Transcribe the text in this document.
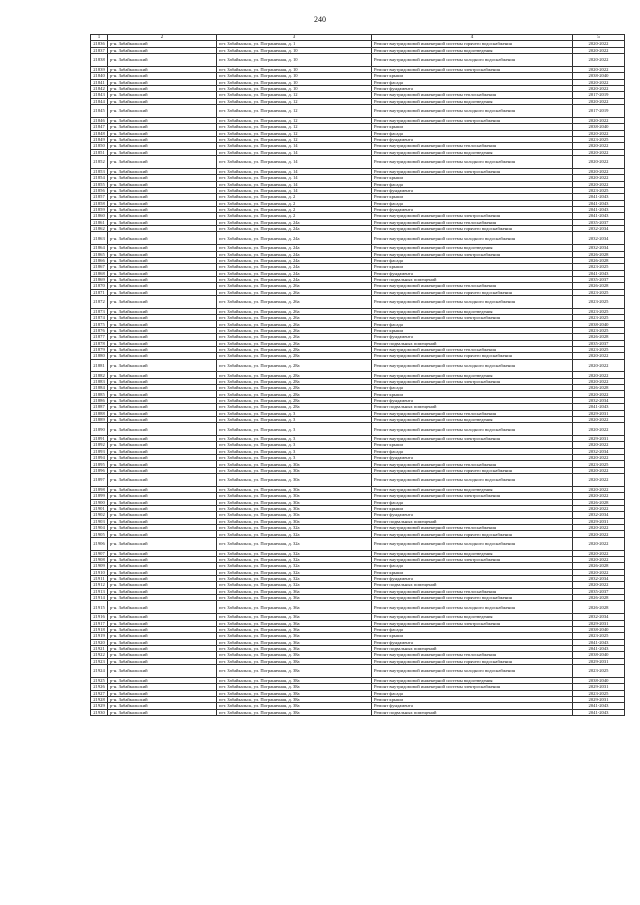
240
1	2	3	4	5
21836	р-н. Забайкальский	пгт. Забайкальск, ул. Пограничная, д. 1	Ремонт внутридомовой инженерной системы горячего водоснабжения	2020-2022
21837	р-н. Забайкальский	пгт. Забайкальск, ул. Пограничная, д. 10	Ремонт внутридомовой инженерной системы водоотведения	2020-2022
21838	р-н. Забайкальский	пгт. Забайкальск, ул. Пограничная, д. 10	Ремонт внутридомовой инженерной системы холодного водоснабжения	2020-2022
21839	р-н. Забайкальский	пгт. Забайкальск, ул. Пограничная, д. 10	Ремонт внутридомовой инженерной системы электроснабжения	2020-2022
21840	р-н. Забайкальский	пгт. Забайкальск, ул. Пограничная, д. 10	Ремонт крыши	2038-2040
21841	р-н. Забайкальский	пгт. Забайкальск, ул. Пограничная, д. 10	Ремонт фасада	2020-2022
21842	р-н. Забайкальский	пгт. Забайкальск, ул. Пограничная, д. 10	Ремонт фундамента	2020-2022
21843	р-н. Забайкальский	пгт. Забайкальск, ул. Пограничная, д. 12	Ремонт внутридомовой инженерной системы теплоснабжения	2017-2019
21844	р-н. Забайкальский	пгт. Забайкальск, ул. Пограничная, д. 12	Ремонт внутридомовой инженерной системы водоотведения	2020-2022
21845	р-н. Забайкальский	пгт. Забайкальск, ул. Пограничная, д. 12	Ремонт внутридомовой инженерной системы холодного водоснабжения	2017-2019
21846	р-н. Забайкальский	пгт. Забайкальск, ул. Пограничная, д. 12	Ремонт внутридомовой инженерной системы электроснабжения	2020-2022
21847	р-н. Забайкальский	пгт. Забайкальск, ул. Пограничная, д. 12	Ремонт крыши	2038-2040
21848	р-н. Забайкальский	пгт. Забайкальск, ул. Пограничная, д. 12	Ремонт фасада	2020-2022
21849	р-н. Забайкальский	пгт. Забайкальск, ул. Пограничная, д. 12	Ремонт фундамента	2023-2025
21850	р-н. Забайкальский	пгт. Забайкальск, ул. Пограничная, д. 14	Ремонт внутридомовой инженерной системы теплоснабжения	2020-2022
21851	р-н. Забайкальский	пгт. Забайкальск, ул. Пограничная, д. 14	Ремонт внутридомовой инженерной системы водоотведения	2020-2022
21852	р-н. Забайкальский	пгт. Забайкальск, ул. Пограничная, д. 14	Ремонт внутридомовой инженерной системы холодного водоснабжения	2020-2022
21853	р-н. Забайкальский	пгт. Забайкальск, ул. Пограничная, д. 14	Ремонт внутридомовой инженерной системы электроснабжения	2020-2022
21854	р-н. Забайкальский	пгт. Забайкальск, ул. Пограничная, д. 14	Ремонт крыши	2020-2022
21855	р-н. Забайкальский	пгт. Забайкальск, ул. Пограничная, д. 14	Ремонт фасада	2020-2022
21856	р-н. Забайкальский	пгт. Забайкальск, ул. Пограничная, д. 14	Ремонт фундамента	2023-2025
21857	р-н. Забайкальский	пгт. Забайкальск, ул. Пограничная, д. 2	Ремонт крыши	2041-2043
21858	р-н. Забайкальский	пгт. Забайкальск, ул. Пограничная, д. 2	Ремонт фасада	2041-2043
21859	р-н. Забайкальский	пгт. Забайкальск, ул. Пограничная, д. 2	Ремонт фундамента	2041-2043
21860	р-н. Забайкальский	пгт. Забайкальск, ул. Пограничная, д. 2	Ремонт внутридомовой инженерной системы электроснабжения	2041-2043
21861	р-н. Забайкальский	пгт. Забайкальск, ул. Пограничная, д. 24а	Ремонт внутридомовой инженерной системы теплоснабжения	2035-2037
21862	р-н. Забайкальский	пгт. Забайкальск, ул. Пограничная, д. 24а	Ремонт внутридомовой инженерной системы горячего водоснабжения	2032-2034
21863	р-н. Забайкальский	пгт. Забайкальск, ул. Пограничная, д. 24а	Ремонт внутридомовой инженерной системы холодного водоснабжения	2032-2034
21864	р-н. Забайкальский	пгт. Забайкальск, ул. Пограничная, д. 24а	Ремонт внутридомовой инженерной системы водоотведения	2032-2034
21865	р-н. Забайкальский	пгт. Забайкальск, ул. Пограничная, д. 24а	Ремонт внутридомовой инженерной системы электроснабжения	2026-2028
21866	р-н. Забайкальский	пгт. Забайкальск, ул. Пограничная, д. 24а	Ремонт фасада	2026-2028
21867	р-н. Забайкальский	пгт. Забайкальск, ул. Пограничная, д. 24а	Ремонт крыши	2023-2025
21868	р-н. Забайкальский	пгт. Забайкальск, ул. Пограничная, д. 24а	Ремонт фундамента	2041-2043
21869	р-н. Забайкальский	пгт. Забайкальск, ул. Пограничная, д. 24а	Ремонт подвальных помещений	2035-2037
21870	р-н. Забайкальский	пгт. Забайкальск, ул. Пограничная, д. 26а	Ремонт внутридомовой инженерной системы теплоснабжения	2026-2028
21871	р-н. Забайкальский	пгт. Забайкальск, ул. Пограничная, д. 26а	Ремонт внутридомовой инженерной системы горячего водоснабжения	2023-2025
21872	р-н. Забайкальский	пгт. Забайкальск, ул. Пограничная, д. 26а	Ремонт внутридомовой инженерной системы холодного водоснабжения	2023-2025
21873	р-н. Забайкальский	пгт. Забайкальск, ул. Пограничная, д. 26а	Ремонт внутридомовой инженерной системы водоотведения	2023-2025
21874	р-н. Забайкальский	пгт. Забайкальск, ул. Пограничная, д. 26а	Ремонт внутридомовой инженерной системы электроснабжения	2023-2025
21875	р-н. Забайкальский	пгт. Забайкальск, ул. Пограничная, д. 26а	Ремонт фасада	2038-2040
21876	р-н. Забайкальский	пгт. Забайкальск, ул. Пограничная, д. 26а	Ремонт крыши	2023-2025
21877	р-н. Забайкальский	пгт. Забайкальск, ул. Пограничная, д. 26а	Ремонт фундамента	2026-2028
21878	р-н. Забайкальский	пгт. Забайкальск, ул. Пограничная, д. 26а	Ремонт подвальных помещений	2035-2037
21879	р-н. Забайкальский	пгт. Забайкальск, ул. Пограничная, д. 28а	Ремонт внутридомовой инженерной системы теплоснабжения	2023-2025
21880	р-н. Забайкальский	пгт. Забайкальск, ул. Пограничная, д. 28а	Ремонт внутридомовой инженерной системы горячего водоснабжения	2020-2022
21881	р-н. Забайкальский	пгт. Забайкальск, ул. Пограничная, д. 28а	Ремонт внутридомовой инженерной системы холодного водоснабжения	2020-2022
21882	р-н. Забайкальский	пгт. Забайкальск, ул. Пограничная, д. 28а	Ремонт внутридомовой инженерной системы водоотведения	2020-2022
21883	р-н. Забайкальский	пгт. Забайкальск, ул. Пограничная, д. 28а	Ремонт внутридомовой инженерной системы электроснабжения	2020-2022
21884	р-н. Забайкальский	пгт. Забайкальск, ул. Пограничная, д. 28а	Ремонт фасада	2026-2028
21885	р-н. Забайкальский	пгт. Забайкальск, ул. Пограничная, д. 28а	Ремонт крыши	2020-2022
21886	р-н. Забайкальский	пгт. Забайкальск, ул. Пограничная, д. 28а	Ремонт фундамента	2032-2034
21887	р-н. Забайкальский	пгт. Забайкальск, ул. Пограничная, д. 28а	Ремонт подвальных помещений	2041-2043
21888	р-н. Забайкальский	пгт. Забайкальск, ул. Пограничная, д. 3	Ремонт внутридомовой инженерной системы теплоснабжения	2029-2031
21889	р-н. Забайкальский	пгт. Забайкальск, ул. Пограничная, д. 3	Ремонт внутридомовой инженерной системы водоотведения	2020-2022
21890	р-н. Забайкальский	пгт. Забайкальск, ул. Пограничная, д. 3	Ремонт внутридомовой инженерной системы холодного водоснабжения	2020-2022
21891	р-н. Забайкальский	пгт. Забайкальск, ул. Пограничная, д. 3	Ремонт внутридомовой инженерной системы электроснабжения	2029-2031
21892	р-н. Забайкальский	пгт. Забайкальск, ул. Пограничная, д. 3	Ремонт крыши	2020-2022
21893	р-н. Забайкальский	пгт. Забайкальск, ул. Пограничная, д. 3	Ремонт фасада	2032-2034
21894	р-н. Забайкальский	пгт. Забайкальск, ул. Пограничная, д. 3	Ремонт фундамента	2020-2022
21895	р-н. Забайкальский	пгт. Забайкальск, ул. Пограничная, д. 30а	Ремонт внутридомовой инженерной системы теплоснабжения	2023-2025
21896	р-н. Забайкальский	пгт. Забайкальск, ул. Пограничная, д. 30а	Ремонт внутридомовой инженерной системы горячего водоснабжения	2020-2022
21897	р-н. Забайкальский	пгт. Забайкальск, ул. Пограничная, д. 30а	Ремонт внутридомовой инженерной системы холодного водоснабжения	2020-2022
21898	р-н. Забайкальский	пгт. Забайкальск, ул. Пограничная, д. 30а	Ремонт внутридомовой инженерной системы водоотведения	2020-2022
21899	р-н. Забайкальский	пгт. Забайкальск, ул. Пограничная, д. 30а	Ремонт внутридомовой инженерной системы электроснабжения	2020-2022
21900	р-н. Забайкальский	пгт. Забайкальск, ул. Пограничная, д. 30а	Ремонт фасада	2026-2028
21901	р-н. Забайкальский	пгт. Забайкальск, ул. Пограничная, д. 30а	Ремонт крыши	2020-2022
21902	р-н. Забайкальский	пгт. Забайкальск, ул. Пограничная, д. 30а	Ремонт фундамента	2032-2034
21903	р-н. Забайкальский	пгт. Забайкальск, ул. Пограничная, д. 30а	Ремонт подвальных помещений	2029-2031
21904	р-н. Забайкальский	пгт. Забайкальск, ул. Пограничная, д. 32а	Ремонт внутридомовой инженерной системы теплоснабжения	2020-2022
21905	р-н. Забайкальский	пгт. Забайкальск, ул. Пограничная, д. 32а	Ремонт внутридомовой инженерной системы горячего водоснабжения	2020-2022
21906	р-н. Забайкальский	пгт. Забайкальск, ул. Пограничная, д. 32а	Ремонт внутридомовой инженерной системы холодного водоснабжения	2020-2022
21907	р-н. Забайкальский	пгт. Забайкальск, ул. Пограничная, д. 32а	Ремонт внутридомовой инженерной системы водоотведения	2020-2022
21908	р-н. Забайкальский	пгт. Забайкальск, ул. Пограничная, д. 32а	Ремонт внутридомовой инженерной системы электроснабжения	2020-2022
21909	р-н. Забайкальский	пгт. Забайкальск, ул. Пограничная, д. 32а	Ремонт фасада	2026-2028
21910	р-н. Забайкальский	пгт. Забайкальск, ул. Пограничная, д. 32а	Ремонт крыши	2020-2022
21911	р-н. Забайкальский	пгт. Забайкальск, ул. Пограничная, д. 32а	Ремонт фундамента	2032-2034
21912	р-н. Забайкальский	пгт. Забайкальск, ул. Пограничная, д. 32а	Ремонт подвальных помещений	2020-2022
21913	р-н. Забайкальский	пгт. Забайкальск, ул. Пограничная, д. 36а	Ремонт внутридомовой инженерной системы теплоснабжения	2035-2037
21914	р-н. Забайкальский	пгт. Забайкальск, ул. Пограничная, д. 36а	Ремонт внутридомовой инженерной системы горячего водоснабжения	2026-2028
21915	р-н. Забайкальский	пгт. Забайкальск, ул. Пограничная, д. 36а	Ремонт внутридомовой инженерной системы холодного водоснабжения	2026-2028
21916	р-н. Забайкальский	пгт. Забайкальск, ул. Пограничная, д. 36а	Ремонт внутридомовой инженерной системы водоотведения	2032-2034
21917	р-н. Забайкальский	пгт. Забайкальск, ул. Пограничная, д. 36а	Ремонт внутридомовой инженерной системы электроснабжения	2029-2031
21918	р-н. Забайкальский	пгт. Забайкальск, ул. Пограничная, д. 36а	Ремонт фасада	2038-2040
21919	р-н. Забайкальский	пгт. Забайкальск, ул. Пограничная, д. 36а	Ремонт крыши	2023-2025
21920	р-н. Забайкальский	пгт. Забайкальск, ул. Пограничная, д. 36а	Ремонт фундамента	2041-2043
21921	р-н. Забайкальский	пгт. Забайкальск, ул. Пограничная, д. 36а	Ремонт подвальных помещений	2041-2043
21922	р-н. Забайкальский	пгт. Забайкальск, ул. Пограничная, д. 38а	Ремонт внутридомовой инженерной системы теплоснабжения	2038-2040
21923	р-н. Забайкальский	пгт. Забайкальск, ул. Пограничная, д. 38а	Ремонт внутридомовой инженерной системы горячего водоснабжения	2029-2031
21924	р-н. Забайкальский	пгт. Забайкальск, ул. Пограничная, д. 38а	Ремонт внутридомовой инженерной системы холодного водоснабжения	2023-2025
21925	р-н. Забайкальский	пгт. Забайкальск, ул. Пограничная, д. 38а	Ремонт внутридомовой инженерной системы водоотведения	2038-2040
21926	р-н. Забайкальский	пгт. Забайкальск, ул. Пограничная, д. 38а	Ремонт внутридомовой инженерной системы электроснабжения	2029-2031
21927	р-н. Забайкальский	пгт. Забайкальск, ул. Пограничная, д. 38а	Ремонт фасада	2023-2025
21928	р-н. Забайкальский	пгт. Забайкальск, ул. Пограничная, д. 38а	Ремонт крыши	2029-2031
21929	р-н. Забайкальский	пгт. Забайкальск, ул. Пограничная, д. 38а	Ремонт фундамента	2041-2043
21930	р-н. Забайкальский	пгт. Забайкальск, ул. Пограничная, д. 38а	Ремонт подвальных помещений	2041-2043
